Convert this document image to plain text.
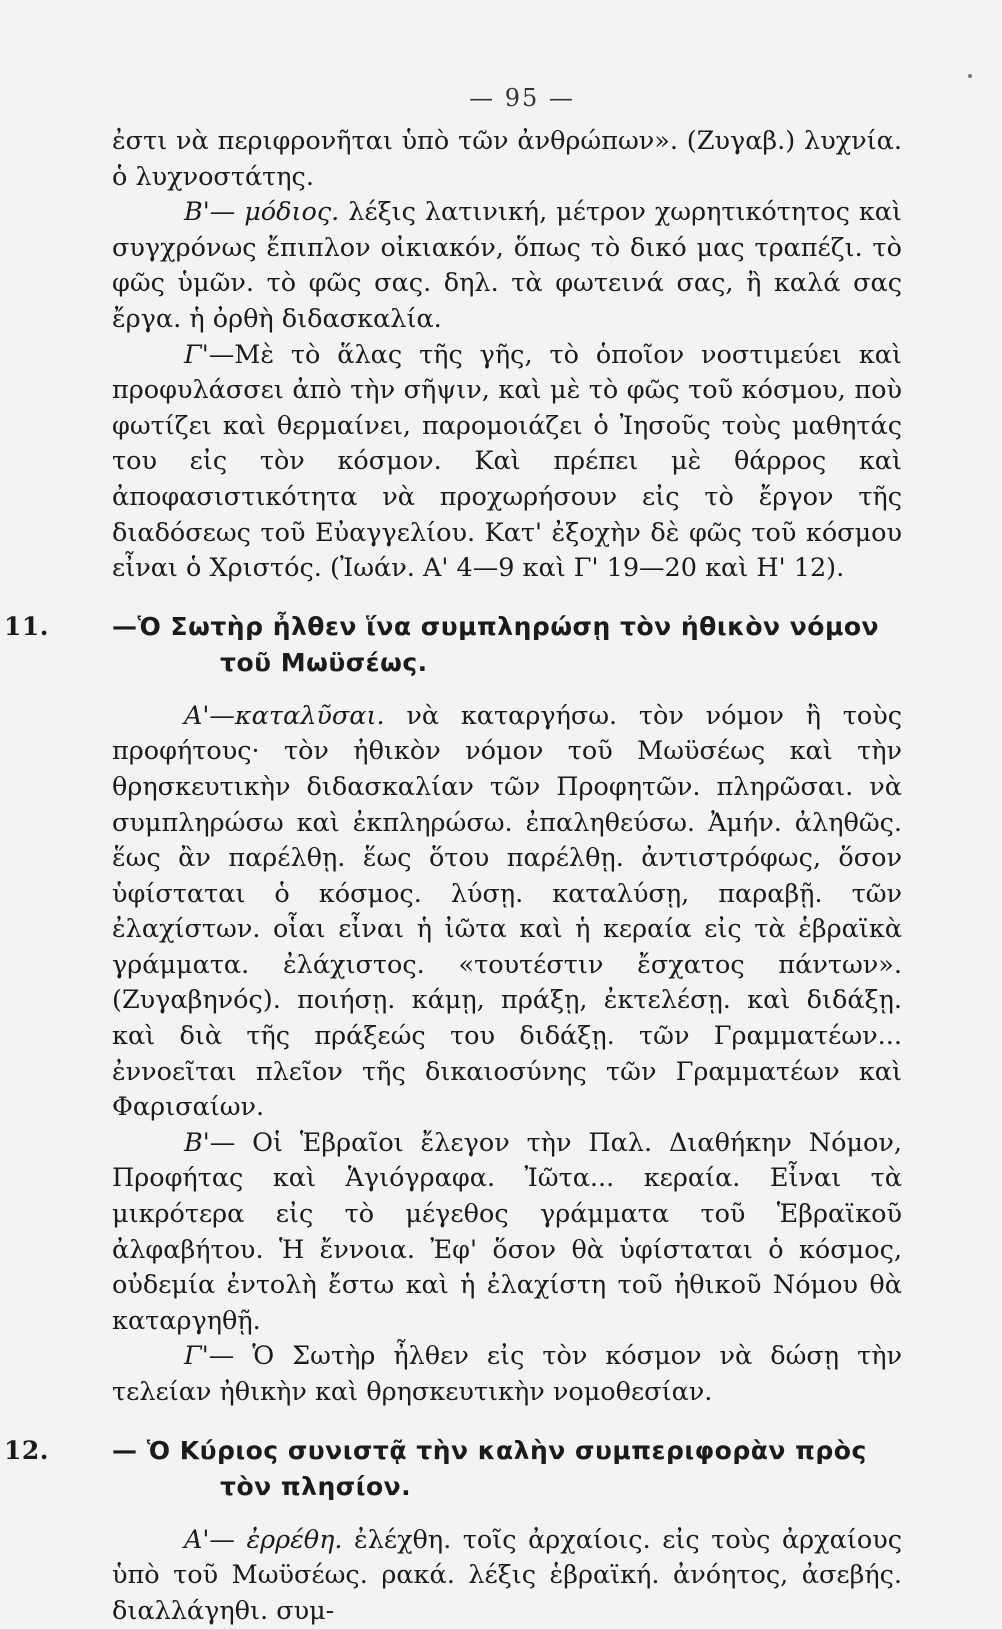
— 95 —

ἐστι νὰ περιφρονῆται ὑπὸ τῶν ἀνθρώπων». (Ζυγαβ.) λυχνία. ὁ λυχνοστάτης.

Β'— μόδιος. λέξις λατινική, μέτρον χωρητικότητος καὶ συγχρόνως ἔπιπλον οἰκιακόν, ὅπως τὸ δικό μας τραπέζι. τὸ φῶς ὑμῶν. τὸ φῶς σας. δηλ. τὰ φωτεινά σας, ἢ καλά σας ἔργα. ἡ ὀρθὴ διδασκαλία.

Γ'—Μὲ τὸ ἅλας τῆς γῆς, τὸ ὁποῖον νοστιμεύει καὶ προφυλάσσει ἀπὸ τὴν σῆψιν, καὶ μὲ τὸ φῶς τοῦ κόσμου, ποὺ φωτίζει καὶ θερμαίνει, παρομοιάζει ὁ Ἰησοῦς τοὺς μαθητάς του εἰς τὸν κόσμον. Καὶ πρέπει μὲ θάρρος καὶ ἀποφασιστικότητα νὰ προχωρήσουν εἰς τὸ ἔργον τῆς διαδόσεως τοῦ Εὐαγγελίου. Κατ' ἐξοχὴν δὲ φῶς τοῦ κόσμου εἶναι ὁ Χριστός. (Ἰωάν. Α' 4—9 καὶ Γ' 19—20 καὶ Η' 12).

11.	—Ὁ Σωτὴρ ἦλθεν ἵνα συμπληρώσῃ τὸν ἠθικὸν νόμον τοῦ Μωϋσέως.

Α'—καταλῦσαι. νὰ καταργήσω. τὸν νόμον ἢ τοὺς προφήτους· τὸν ἠθικὸν νόμον τοῦ Μωϋσέως καὶ τὴν θρησκευτικὴν διδασκαλίαν τῶν Προφητῶν. πληρῶσαι. νὰ συμπληρώσω καὶ ἐκπληρώσω. ἐπαληθεύσω. Ἀμήν. ἀληθῶς. ἕως ἂν παρέλθῃ. ἕως ὅτου παρέλθῃ. ἀντιστρόφως, ὅσον ὑφίσταται ὁ κόσμος. λύσῃ. καταλύσῃ, παραβῇ. τῶν ἐλαχίστων. οἷαι εἶναι ἡ ἰῶτα καὶ ἡ κεραία εἰς τὰ ἑβραϊκὰ γράμματα. ἐλάχιστος. «τουτέστιν ἔσχατος πάντων». (Ζυγαβηνός). ποιήσῃ. κάμῃ, πράξῃ, ἐκτελέσῃ. καὶ διδάξῃ. καὶ διὰ τῆς πράξεώς του διδάξῃ. τῶν Γραμματέων... ἐννοεῖται πλεῖον τῆς δικαιοσύνης τῶν Γραμματέων καὶ Φαρισαίων.

Β'— Οἱ Ἑβραῖοι ἔλεγον τὴν Παλ. Διαθήκην Νόμον, Προφήτας καὶ Ἁγιόγραφα. Ἰῶτα... κεραία. Εἶναι τὰ μικρότερα εἰς τὸ μέγεθος γράμματα τοῦ Ἑβραϊκοῦ ἀλφαβήτου. Ἡ ἔννοια. Ἐφ' ὅσον θὰ ὑφίσταται ὁ κόσμος, οὐδεμία ἐντολὴ ἔστω καὶ ἡ ἐλαχίστη τοῦ ἠθικοῦ Νόμου θὰ καταργηθῇ.

Γ'— Ὁ Σωτὴρ ἦλθεν εἰς τὸν κόσμον νὰ δώσῃ τὴν τελείαν ἠθικὴν καὶ θρησκευτικὴν νομοθεσίαν.

12.	— Ὁ Κύριος συνιστᾷ τὴν καλὴν συμπεριφορὰν πρὸς τὸν πλησίον.

Α'— ἐρρέθη. ἐλέχθη. τοῖς ἀρχαίοις. εἰς τοὺς ἀρχαίους ὑπὸ τοῦ Μωϋσέως. ρακά. λέξις ἑβραϊκή. ἀνόητος, ἀσεβής. διαλλάγηθι. συμ-
